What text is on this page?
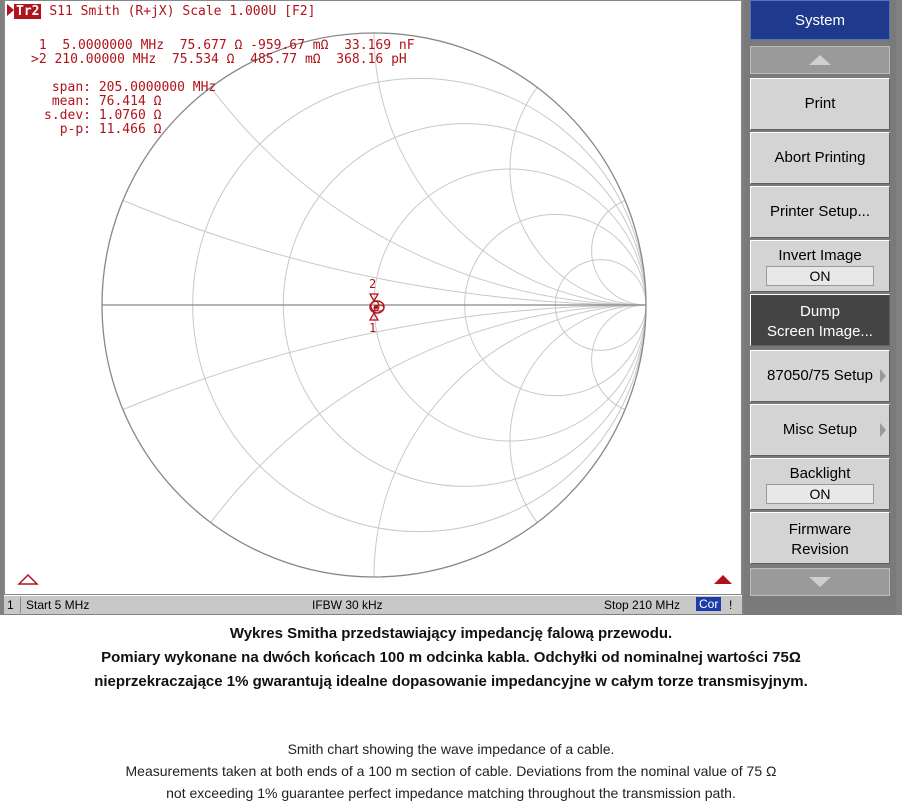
Tr2 S11 Smith (R+jX) Scale 1.000U [F2]
1 5.0000000 MHz 75.677 Ω -959.67 mΩ 33.169 nF
>2 210.00000 MHz 75.534 Ω 485.77 mΩ 368.16 pH
span: 205.0000000 MHz
mean: 76.414 Ω
s.dev: 1.0760 Ω
p-p: 11.466 Ω
2
1
1 Start 5 MHz	IFBW 30 kHz	Stop 210 MHz Cor !
System
Print
Abort Printing
Printer Setup...
Invert Image
ON
Dump
Screen Image...
87050/75 Setup
Misc Setup
Backlight
ON
Firmware
Revision

Wykres Smitha przedstawiający impedancję falową przewodu.

Pomiary wykonane na dwóch końcach 100 m odcinka kabla. Odchyłki od nominalnej wartości 75Ω

nieprzekraczające 1% gwarantują idealne dopasowanie impedancyjne w całym torze transmisyjnym.

Smith chart showing the wave impedance of a cable.

Measurements taken at both ends of a 100 m section of cable. Deviations from the nominal value of 75 Ω

not exceeding 1% guarantee perfect impedance matching throughout the transmission path.
